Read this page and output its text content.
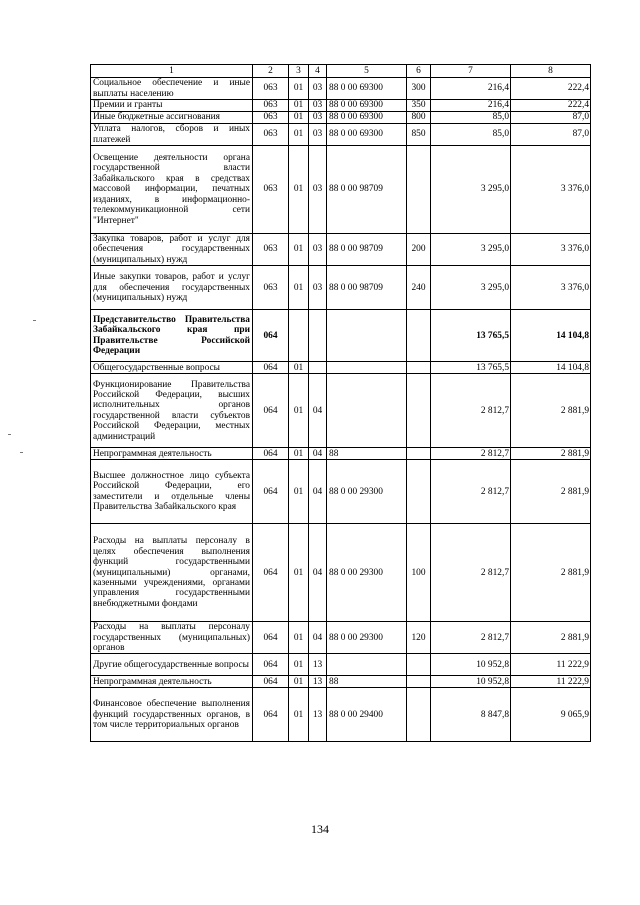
1	2	3	4	5	6	7	8
Социальное обеспечение и иные выплаты населению	063	01	03	88 0 00 69300	300	216,4	222,4
Премии и гранты	063	01	03	88 0 00 69300	350	216,4	222,4
Иные бюджетные ассигнования	063	01	03	88 0 00 69300	800	85,0	87,0
Уплата налогов, сборов и иных платежей	063	01	03	88 0 00 69300	850	85,0	87,0
Освещение деятельности органа государственной власти Забайкальского края в средствах массовой информации, печатных изданиях, в информационно-телекоммуникационной сети "Интернет"	063	01	03	88 0 00 98709		3 295,0	3 376,0
Закупка товаров, работ и услуг для обеспечения государственных (муниципальных) нужд	063	01	03	88 0 00 98709	200	3 295,0	3 376,0
Иные закупки товаров, работ и услуг для обеспечения государственных (муниципальных) нужд	063	01	03	88 0 00 98709	240	3 295,0	3 376,0
Представительство Правительства Забайкальского края при Правительстве Российской Федерации	064					13 765,5	14 104,8
Общегосударственные вопросы	064	01				13 765,5	14 104,8
Функционирование Правительства Российской Федерации, высших исполнительных органов государственной власти субъектов Российской Федерации, местных администраций	064	01	04			2 812,7	2 881,9
Непрограммная деятельность	064	01	04	88		2 812,7	2 881,9
Высшее должностное лицо субъекта Российской Федерации, его заместители и отдельные члены Правительства Забайкальского края	064	01	04	88 0 00 29300		2 812,7	2 881,9
Расходы на выплаты персоналу в целях обеспечения выполнения функций государственными (муниципальными) органами, казенными учреждениями, органами управления государственными внебюджетными фондами	064	01	04	88 0 00 29300	100	2 812,7	2 881,9
Расходы на выплаты персоналу государственных (муниципальных) органов	064	01	04	88 0 00 29300	120	2 812,7	2 881,9
Другие общегосударственные вопросы	064	01	13			10 952,8	11 222,9
Непрограммная деятельность	064	01	13	88		10 952,8	11 222,9
Финансовое обеспечение выполнения функций государственных органов, в том числе территориальных органов	064	01	13	88 0 00 29400		8 847,8	9 065,9
134
